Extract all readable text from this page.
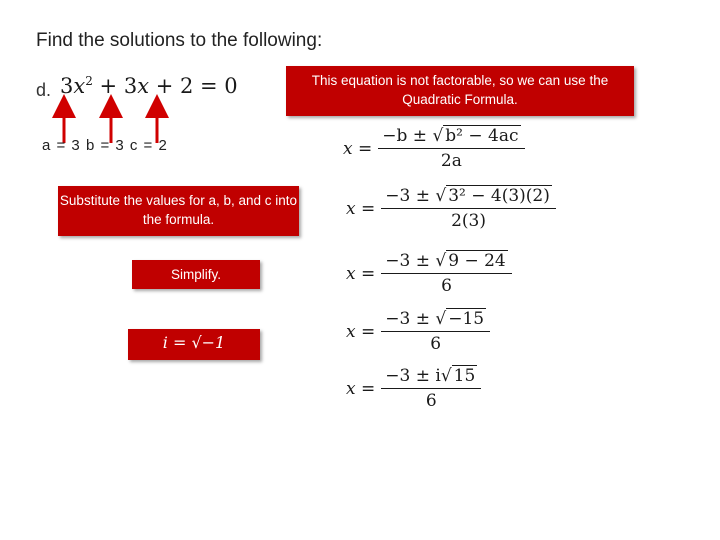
Find the solutions to the following:
d. $3x^2 + 3x + 2 = 0$
a = 3 b = 3 c = 2
This equation is not factorable, so we can use the Quadratic Formula.
Substitute the values for a, b, and c into the formula.
Simplify.
i = √−1
$x = \frac{\text{−b ± √ b² − 4ac}}{2a}$
$x = \frac{\text{−3 ± √ 3² − 4(3)(2)}}{2(3)}$
$x = \frac{-3 \pm √ 9 - 24}{6}$
$x = \frac{-3 \pm √ -15}{6}$
$x = \frac{-3 \pm i√ 15}{6}$
